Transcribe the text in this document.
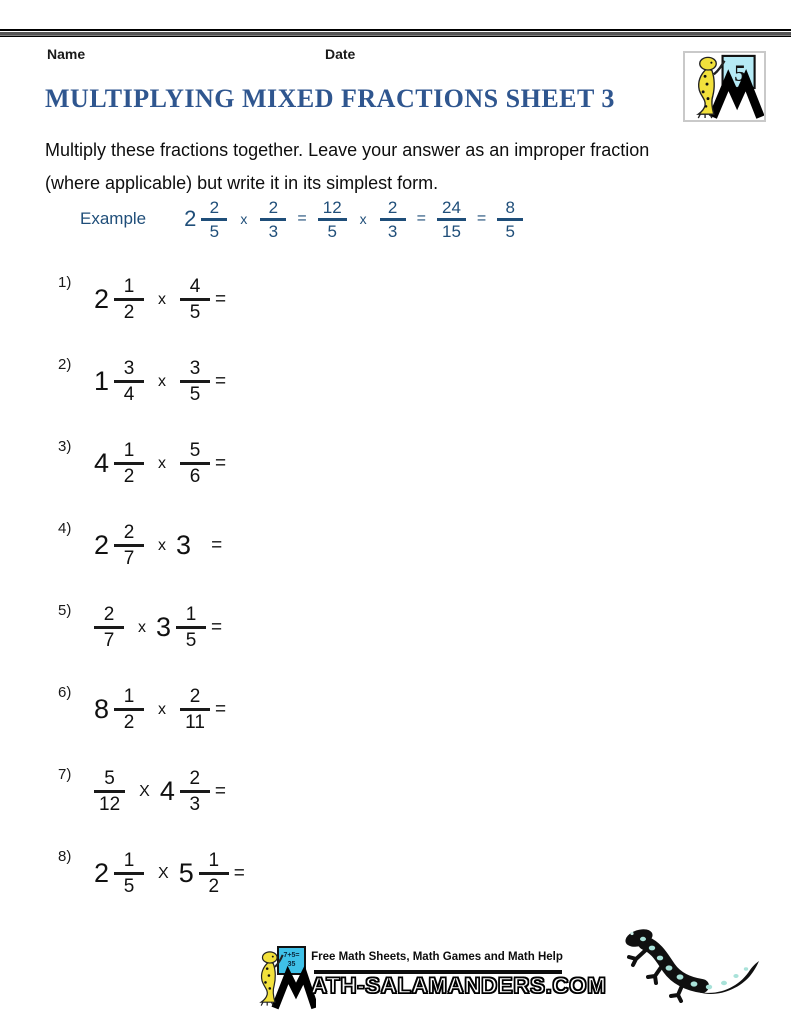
Name	Date
5
MULTIPLYING MIXED FRACTIONS SHEET 3
Multiply these fractions together. Leave your answer as an improper fraction
(where applicable) but write it in its simplest form.
Example $2 \frac{2}{5}$ x $\frac{2}{3} = \frac{12}{5}$ x $\frac{2}{3} = \frac{24}{15} = \frac{8}{5}$
1)
$2 \frac{1}{2}$ x $\frac{4}{5}$ =
2)
$1 \frac{3}{4}$ x $\frac{3}{5}$ =
3)
$4 \frac{1}{2}$ x $\frac{5}{6}$ =
4)
$2 \frac{2}{7}$ x 3 =
5)	$\frac{2}{7}$ x $3 \frac{1}{5}$ =
6)
$8 \frac{1}{2}$ x $\frac{2}{11}$ =
7)	$\frac{5}{12}$ X $4 \frac{2}{3}$ =
8)
$2 \frac{1}{5}$ X $5 \frac{1}{2}$ =
7+5=
35
Free Math Sheets, Math Games and Math Help
ATH-SALAMANDERS.COM
